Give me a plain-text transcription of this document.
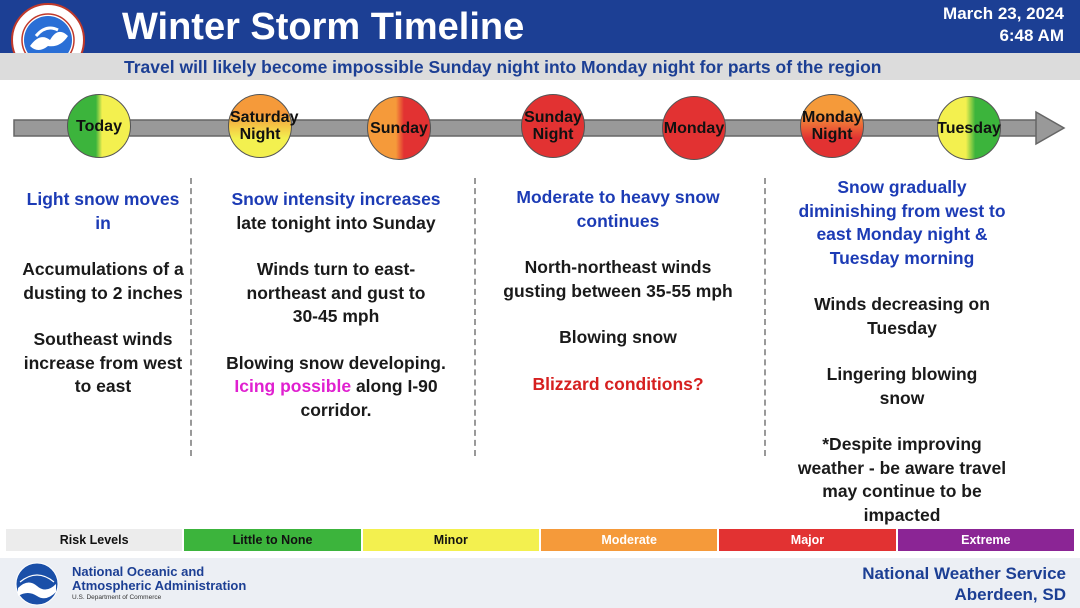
Winter Storm Timeline	March 23, 2024
6:48 AM
Travel will likely become impossible Sunday night into Monday night for parts of the region
Today	Saturday Night	Sunday
Sunday Night	Monday
Monday Night	Tuesday

Light snow moves in

Accumulations of a dusting to 2 inches

Southeast winds increase from west to east

Snow intensity increases late tonight into Sunday

Winds turn to east-northeast and gust to 30-45 mph

Blowing snow developing. Icing possible along I-90 corridor.

Moderate to heavy snow continues

North-northeast winds gusting between 35-55 mph

Blowing snow

Blizzard conditions?

Snow gradually diminishing from west to east Monday night & Tuesday morning

Winds decreasing on Tuesday

Lingering blowing snow

*Despite improving weather - be aware travel may continue to be impacted

Risk Levels	Little to None	Minor	Moderate	Major	Extreme
National Oceanic and
Atmospheric Administration
U.S. Department of Commerce
National Weather Service
Aberdeen, SD
